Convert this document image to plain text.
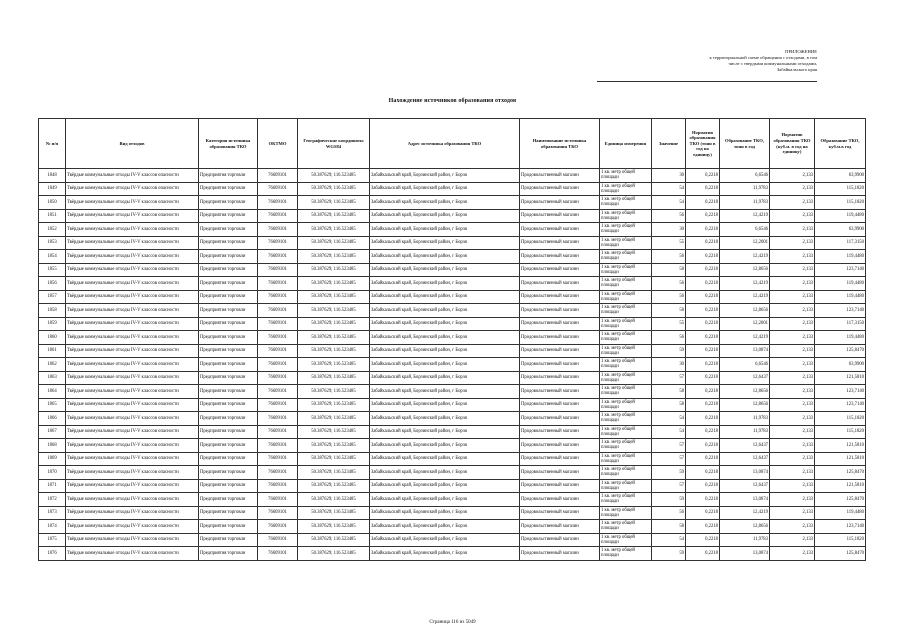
ПРИЛОЖЕНИЕ
к территориальной схеме обращения с отходами, в том
числе с твердыми коммунальными отходами,
Забайкальского края
Нахождение источников образования отходов
№ п/п	Вид отходов	Категория источника образования ТКО	ОКТМО	Географические координаты WGS84	Адрес источника образования ТКО	Наименование источника образования ТКО	Единица измерения	Значение	Норматив образования ТКО (тонн в год на единицу)	Образование ТКО, тонн в год	Норматив образования ТКО (куб.м. в год на единицу)	Образование ТКО, куб.м.в год
1848	Твёрдые коммунальные отходы IV-V классов опасности	Предприятия торговли	76609101	50.387629; 116.523485	Забайкальский край, Борзинский район, г Борзя	Продовольственный магазин	1 кв. метр общей площади	30	0,2218	6,6546	2,133	63,9900
1849	Твёрдые коммунальные отходы IV-V классов опасности	Предприятия торговли	76609101	50.387629; 116.523485	Забайкальский край, Борзинский район, г Борзя	Продовольственный магазин	1 кв. метр общей площади	54	0,2218	11,9783	2,133	115,1820
1850	Твёрдые коммунальные отходы IV-V классов опасности	Предприятия торговли	76609101	50.387629; 116.523485	Забайкальский край, Борзинский район, г Борзя	Продовольственный магазин	1 кв. метр общей площади	54	0,2218	11,9783	2,133	115,1820
1851	Твёрдые коммунальные отходы IV-V классов опасности	Предприятия торговли	76609101	50.387629; 116.523485	Забайкальский край, Борзинский район, г Борзя	Продовольственный магазин	1 кв. метр общей площади	56	0,2218	12,4219	2,133	119,4480
1852	Твёрдые коммунальные отходы IV-V классов опасности	Предприятия торговли	76609101	50.387629; 116.523485	Забайкальский край, Борзинский район, г Борзя	Продовольственный магазин	1 кв. метр общей площади	30	0,2218	6,6546	2,133	63,9900
1853	Твёрдые коммунальные отходы IV-V классов опасности	Предприятия торговли	76609101	50.387629; 116.523485	Забайкальский край, Борзинский район, г Борзя	Продовольственный магазин	1 кв. метр общей площади	55	0,2218	12,2001	2,133	117,3150
1854	Твёрдые коммунальные отходы IV-V классов опасности	Предприятия торговли	76609101	50.387629; 116.523485	Забайкальский край, Борзинский район, г Борзя	Продовольственный магазин	1 кв. метр общей площади	56	0,2218	12,4219	2,133	119,4480
1855	Твёрдые коммунальные отходы IV-V классов опасности	Предприятия торговли	76609101	50.387629; 116.523485	Забайкальский край, Борзинский район, г Борзя	Продовольственный магазин	1 кв. метр общей площади	58	0,2218	12,8656	2,133	123,7140
1856	Твёрдые коммунальные отходы IV-V классов опасности	Предприятия торговли	76609101	50.387629; 116.523485	Забайкальский край, Борзинский район, г Борзя	Продовольственный магазин	1 кв. метр общей площади	56	0,2218	12,4219	2,133	119,4480
1857	Твёрдые коммунальные отходы IV-V классов опасности	Предприятия торговли	76609101	50.387629; 116.523485	Забайкальский край, Борзинский район, г Борзя	Продовольственный магазин	1 кв. метр общей площади	56	0,2218	12,4219	2,133	119,4480
1858	Твёрдые коммунальные отходы IV-V классов опасности	Предприятия торговли	76609101	50.387629; 116.523485	Забайкальский край, Борзинский район, г Борзя	Продовольственный магазин	1 кв. метр общей площади	58	0,2218	12,8656	2,133	123,7140
1859	Твёрдые коммунальные отходы IV-V классов опасности	Предприятия торговли	76609101	50.387629; 116.523485	Забайкальский край, Борзинский район, г Борзя	Продовольственный магазин	1 кв. метр общей площади	55	0,2218	12,2001	2,133	117,3150
1860	Твёрдые коммунальные отходы IV-V классов опасности	Предприятия торговли	76609101	50.387629; 116.523485	Забайкальский край, Борзинский район, г Борзя	Продовольственный магазин	1 кв. метр общей площади	56	0,2218	12,4219	2,133	119,4480
1861	Твёрдые коммунальные отходы IV-V классов опасности	Предприятия торговли	76609101	50.387629; 116.523485	Забайкальский край, Борзинский район, г Борзя	Продовольственный магазин	1 кв. метр общей площади	59	0,2218	13,0874	2,133	125,8470
1862	Твёрдые коммунальные отходы IV-V классов опасности	Предприятия торговли	76609101	50.387629; 116.523485	Забайкальский край, Борзинский район, г Борзя	Продовольственный магазин	1 кв. метр общей площади	30	0,2218	6,6546	2,133	63,9900
1863	Твёрдые коммунальные отходы IV-V классов опасности	Предприятия торговли	76609101	50.387629; 116.523485	Забайкальский край, Борзинский район, г Борзя	Продовольственный магазин	1 кв. метр общей площади	57	0,2218	12,6437	2,133	121,5810
1864	Твёрдые коммунальные отходы IV-V классов опасности	Предприятия торговли	76609101	50.387629; 116.523485	Забайкальский край, Борзинский район, г Борзя	Продовольственный магазин	1 кв. метр общей площади	58	0,2218	12,8656	2,133	123,7140
1865	Твёрдые коммунальные отходы IV-V классов опасности	Предприятия торговли	76609101	50.387629; 116.523485	Забайкальский край, Борзинский район, г Борзя	Продовольственный магазин	1 кв. метр общей площади	58	0,2218	12,8656	2,133	123,7140
1866	Твёрдые коммунальные отходы IV-V классов опасности	Предприятия торговли	76609101	50.387629; 116.523485	Забайкальский край, Борзинский район, г Борзя	Продовольственный магазин	1 кв. метр общей площади	54	0,2218	11,9783	2,133	115,1820
1867	Твёрдые коммунальные отходы IV-V классов опасности	Предприятия торговли	76609101	50.387629; 116.523485	Забайкальский край, Борзинский район, г Борзя	Продовольственный магазин	1 кв. метр общей площади	54	0,2218	11,9783	2,133	115,1820
1868	Твёрдые коммунальные отходы IV-V классов опасности	Предприятия торговли	76609101	50.387629; 116.523485	Забайкальский край, Борзинский район, г Борзя	Продовольственный магазин	1 кв. метр общей площади	57	0,2218	12,6437	2,133	121,5810
1869	Твёрдые коммунальные отходы IV-V классов опасности	Предприятия торговли	76609101	50.387629; 116.523485	Забайкальский край, Борзинский район, г Борзя	Продовольственный магазин	1 кв. метр общей площади	57	0,2218	12,6437	2,133	121,5810
1870	Твёрдые коммунальные отходы IV-V классов опасности	Предприятия торговли	76609101	50.387629; 116.523485	Забайкальский край, Борзинский район, г Борзя	Продовольственный магазин	1 кв. метр общей площади	59	0,2218	13,0874	2,133	125,8470
1871	Твёрдые коммунальные отходы IV-V классов опасности	Предприятия торговли	76609101	50.387629; 116.523485	Забайкальский край, Борзинский район, г Борзя	Продовольственный магазин	1 кв. метр общей площади	57	0,2218	12,6437	2,133	121,5810
1872	Твёрдые коммунальные отходы IV-V классов опасности	Предприятия торговли	76609101	50.387629; 116.523485	Забайкальский край, Борзинский район, г Борзя	Продовольственный магазин	1 кв. метр общей площади	59	0,2218	13,0874	2,133	125,8470
1873	Твёрдые коммунальные отходы IV-V классов опасности	Предприятия торговли	76609101	50.387629; 116.523485	Забайкальский край, Борзинский район, г Борзя	Продовольственный магазин	1 кв. метр общей площади	56	0,2218	12,4219	2,133	119,4480
1874	Твёрдые коммунальные отходы IV-V классов опасности	Предприятия торговли	76609101	50.387629; 116.523485	Забайкальский край, Борзинский район, г Борзя	Продовольственный магазин	1 кв. метр общей площади	58	0,2218	12,8656	2,133	123,7140
1875	Твёрдые коммунальные отходы IV-V классов опасности	Предприятия торговли	76609101	50.387629; 116.523485	Забайкальский край, Борзинский район, г Борзя	Продовольственный магазин	1 кв. метр общей площади	54	0,2218	11,9783	2,133	115,1820
1876	Твёрдые коммунальные отходы IV-V классов опасности	Предприятия торговли	76609101	50.387629; 116.523485	Забайкальский край, Борзинский район, г Борзя	Продовольственный магазин	1 кв. метр общей площади	59	0,2218	13,0874	2,133	125,8470
Страница 116 из 5049
